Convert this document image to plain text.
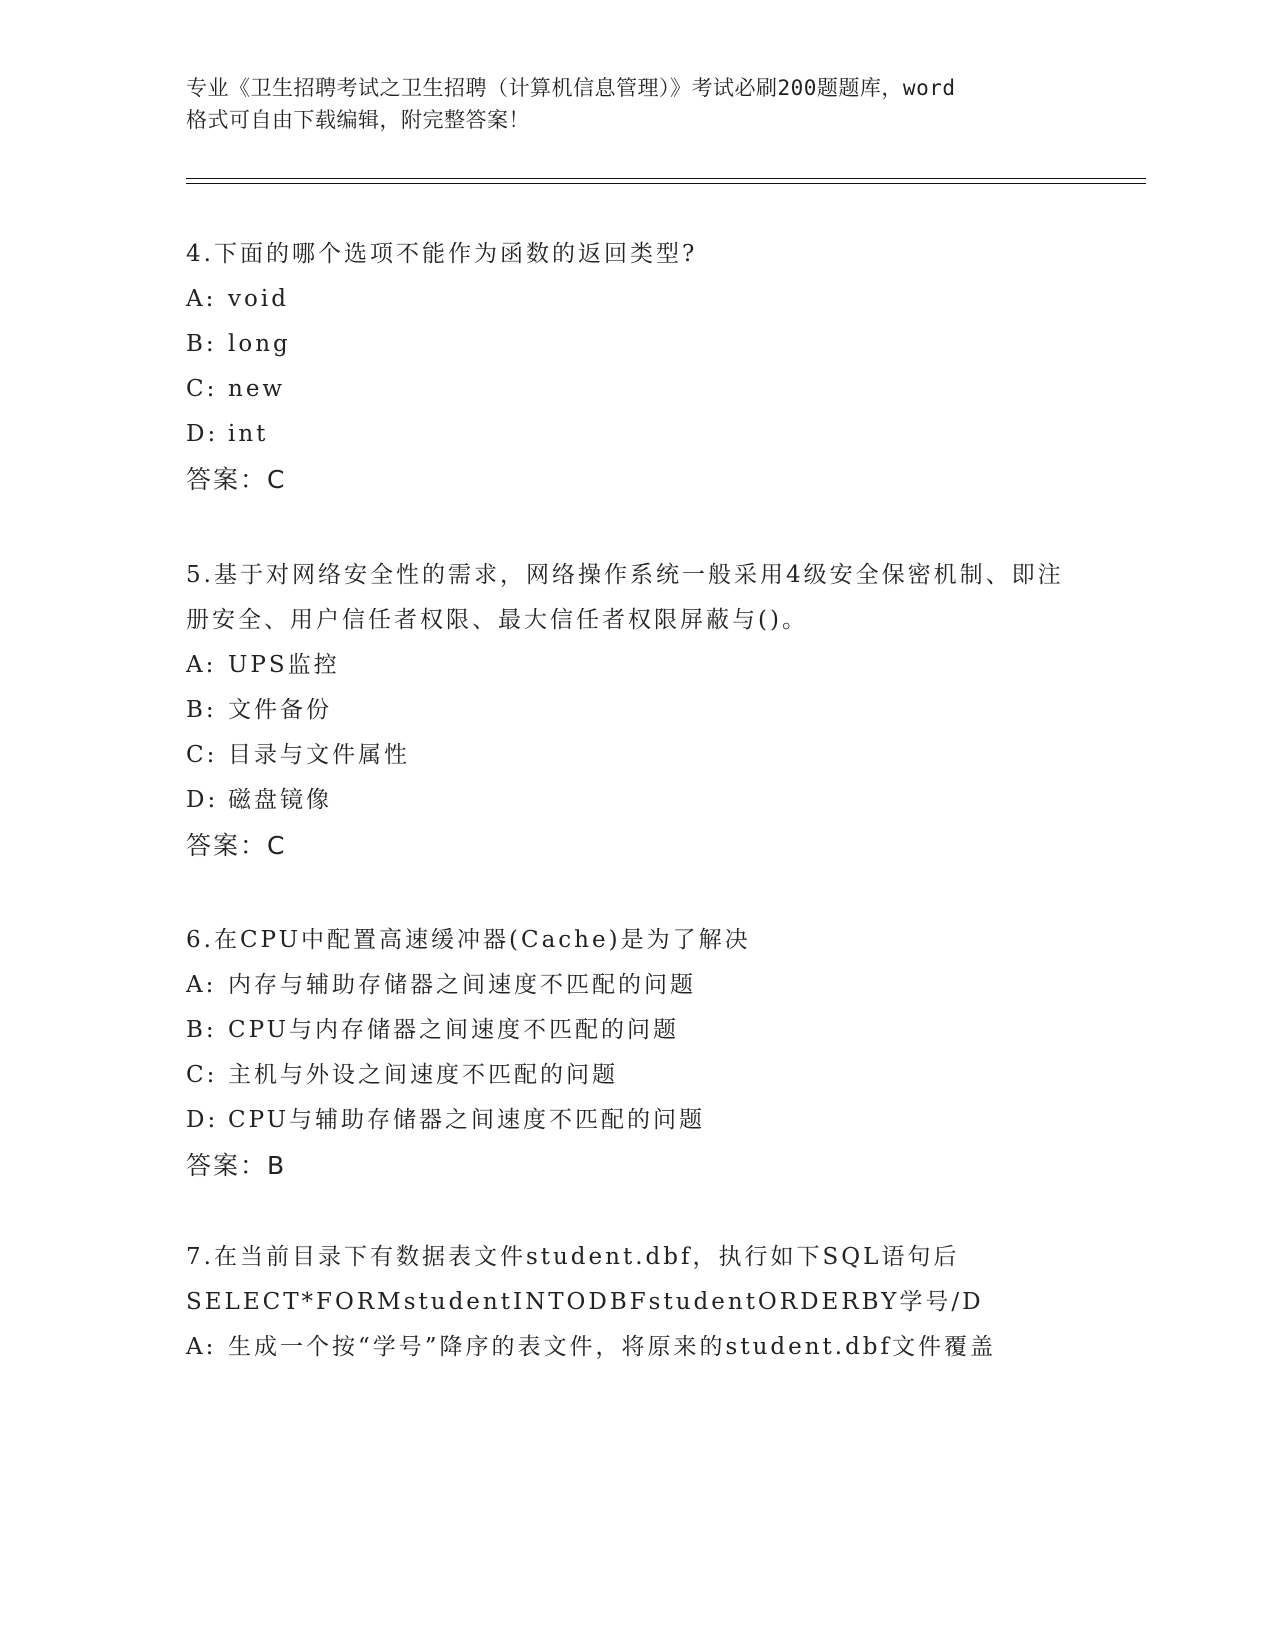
专业《卫生招聘考试之卫生招聘（计算机信息管理）》考试必刷200题题库，word
格式可自由下载编辑，附完整答案！
4.下面的哪个选项不能作为函数的返回类型?
A: void
B: long
C: new
D: int
答案：C
5.基于对网络安全性的需求，网络操作系统一般采用4级安全保密机制、即注册安全、用户信任者权限、最大信任者权限屏蔽与()。
A: UPS监控
B: 文件备份
C: 目录与文件属性
D: 磁盘镜像
答案：C
6.在CPU中配置高速缓冲器(Cache)是为了解决
A: 内存与辅助存储器之间速度不匹配的问题
B: CPU与内存储器之间速度不匹配的问题
C: 主机与外设之间速度不匹配的问题
D: CPU与辅助存储器之间速度不匹配的问题
答案：B
7.在当前目录下有数据表文件student.dbf，执行如下SQL语句后
SELECT*FORMstudentINTODBFstudentORDERBY学号/D
A: 生成一个按“学号”降序的表文件，将原来的student.dbf文件覆盖
